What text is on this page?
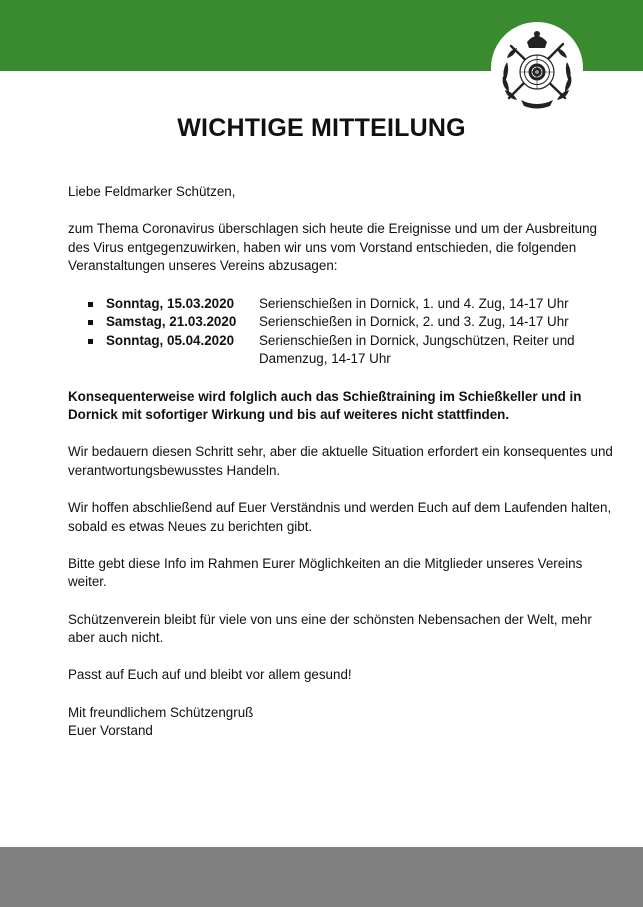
WICHTIGE MITTEILUNG

Liebe Feldmarker Schützen,

zum Thema Coronavirus überschlagen sich heute die Ereignisse und um der Ausbreitung des Virus entgegenzuwirken, haben wir uns vom Vorstand entschieden, die folgenden Veranstaltungen unseres Vereins abzusagen:

Sonntag, 15.03.2020	Serienschießen in Dornick, 1. und 4. Zug, 14-17 Uhr
Samstag, 21.03.2020	Serienschießen in Dornick, 2. und 3. Zug, 14-17 Uhr
Sonntag, 05.04.2020	Serienschießen in Dornick, Jungschützen, Reiter und Damenzug, 14-17 Uhr

Konsequenterweise wird folglich auch das Schießtraining im Schießkeller und in Dornick mit sofortiger Wirkung und bis auf weiteres nicht stattfinden.

Wir bedauern diesen Schritt sehr, aber die aktuelle Situation erfordert ein konsequentes und verantwortungsbewusstes Handeln.

Wir hoffen abschließend auf Euer Verständnis und werden Euch auf dem Laufenden halten, sobald es etwas Neues zu berichten gibt.

Bitte gebt diese Info im Rahmen Eurer Möglichkeiten an die Mitglieder unseres Vereins weiter.

Schützenverein bleibt für viele von uns eine der schönsten Nebensachen der Welt, mehr aber auch nicht.

Passt auf Euch auf und bleibt vor allem gesund!

Mit freundlichem Schützengruß
Euer Vorstand
